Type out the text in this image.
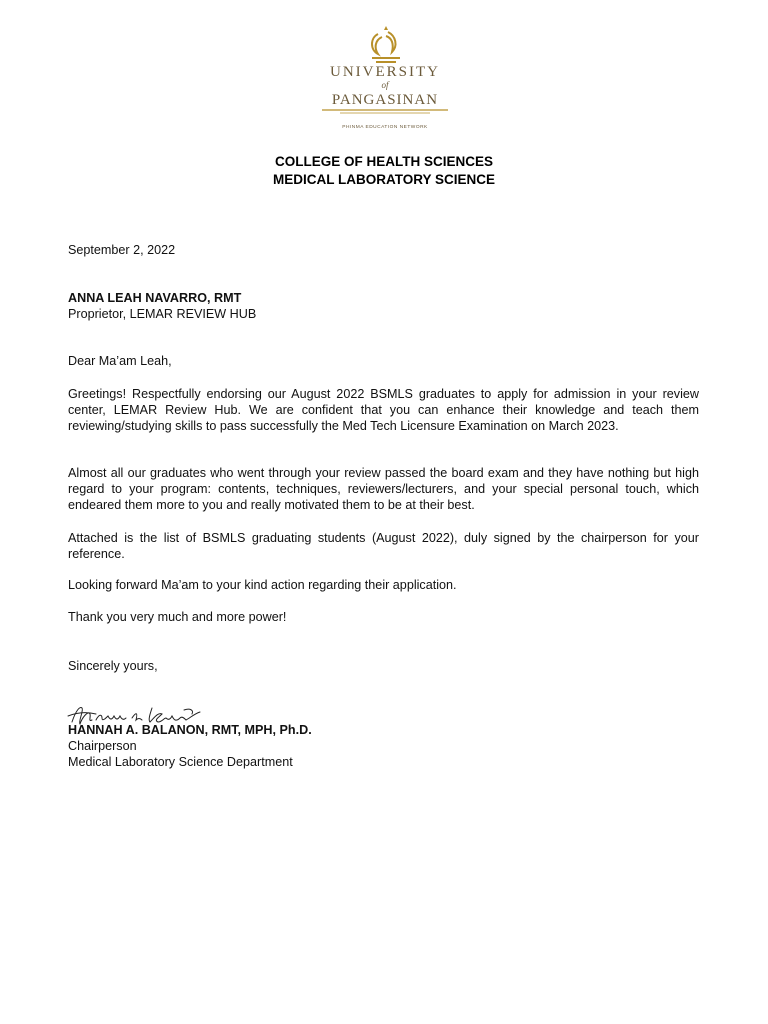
UNIVERSITY
of
PANGASINAN
PHINMA EDUCATION NETWORK
COLLEGE OF HEALTH SCIENCES
MEDICAL LABORATORY SCIENCE
September 2, 2022
ANNA LEAH NAVARRO, RMT
Proprietor, LEMAR REVIEW HUB
Dear Ma’am Leah,
Greetings! Respectfully endorsing our August 2022 BSMLS graduates to apply for admission in your review center, LEMAR Review Hub. We are confident that you can enhance their knowledge and teach them reviewing/studying skills to pass successfully the Med Tech Licensure Examination on March 2023.
Almost all our graduates who went through your review passed the board exam and they have nothing but high regard to your program: contents, techniques, reviewers/lecturers, and your special personal touch, which endeared them more to you and really motivated them to be at their best.
Attached is the list of BSMLS graduating students (August 2022), duly signed by the chairperson for your reference.
Looking forward Ma’am to your kind action regarding their application.
Thank you very much and more power!
Sincerely yours,
HANNAH A. BALANON, RMT, MPH, Ph.D.
Chairperson
Medical Laboratory Science Department
